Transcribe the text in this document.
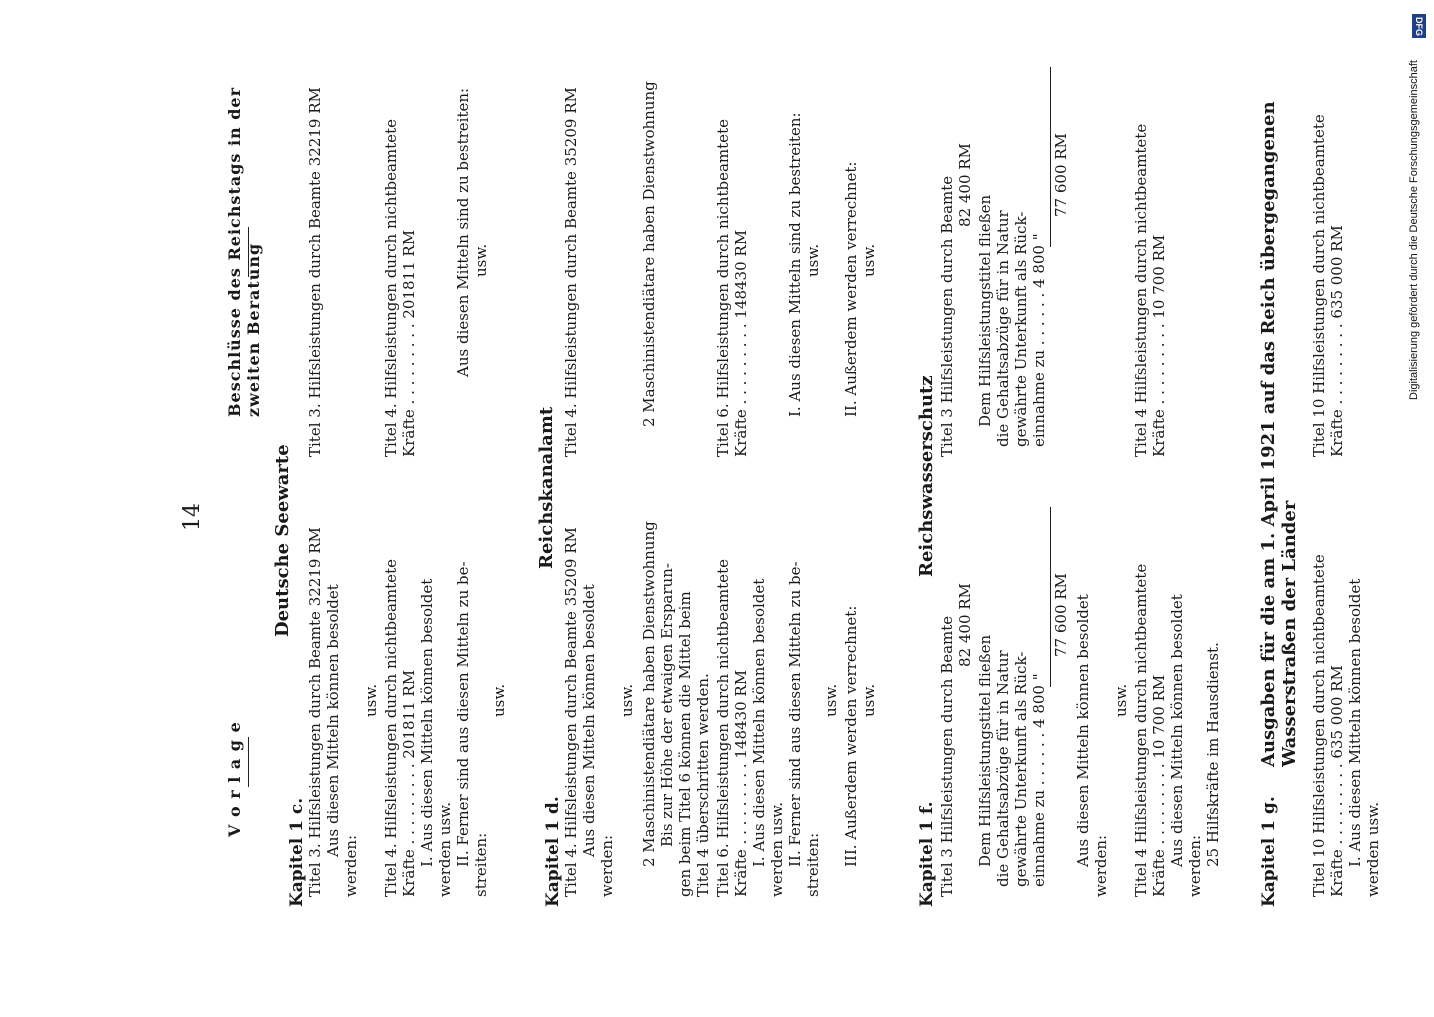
14
V o r l a g e
Beschlüsse des Reichstags in der zweiten Beratung
Deutsche Seewarte	Reichskanalamt	Reichswasserschutz	Ausgaben für die am 1. April 1921 auf das Reich übergegangenen Wasserstraßen der Länder
Kapitel 1 c. Titel 3. Hilfsleistungen durch Beamte 32219 RM Aus diesen Mitteln können besoldet
werden:
usw. Titel 4. Hilfsleistungen durch nichtbeamtete Kräfte . . . . . . . . . 201811 RM I. Aus diesen Mitteln können besoldet werden usw. II. Ferner sind aus diesen Mitteln zu be- streiten:
usw.
Kapitel 1 d. Titel 4. Hilfsleistungen durch Beamte 35209 RM Aus diesen Mitteln können besoldet
werden:
usw. 2 Maschinistendiätare haben Dienstwohnung Bis zur Höhe der etwaigen Ersparun- gen beim Titel 6 können die Mittel beim Titel 4 überschritten werden. Titel 6. Hilfsleistungen durch nichtbeamtete Kräfte . . . . . . . . . 148430 RM I. Aus diesen Mitteln können besoldet werden usw. II. Ferner sind aus diesen Mitteln zu be- streiten:
usw. III. Außerdem werden verrechnet: usw.
Kapitel 1 f. Titel 3 Hilfsleistungen durch Beamte 82 400 RM
Dem Hilfsleistungstitel fließen die Gehaltsabzüge für in Natur gewährte Unterkunft als Rück- einnahme zu . . . . . . 4 800 "
77 600 RM Aus diesen Mitteln können besoldet werden:
usw. Titel 4 Hilfsleistungen durch nichtbeamtete Kräfte . . . . . . . . . 10 700 RM Aus diesen Mitteln können besoldet werden: 25 Hilfskräfte im Hausdienst. Kapitel 1 g. Titel 10 Hilfsleistungen durch nichtbeamtete Kräfte . . . . . . . . . 635 000 RM I. Aus diesen Mitteln können besoldet werden usw.
Titel 3. Hilfsleistungen durch Beamte 32219 RM	Titel 4. Hilfsleistungen durch nichtbeamtete Kräfte . . . . . . . . . 201811 RM Aus diesen Mitteln sind zu bestreiten: usw.	Titel 4. Hilfsleistungen durch Beamte 35209 RM	2 Maschinistendiätare haben Dienstwohnung	Titel 6. Hilfsleistungen durch nichtbeamtete Kräfte . . . . . . . . . 148430 RM I. Aus diesen Mitteln sind zu bestreiten: usw. II. Außerdem werden verrechnet: usw.	Titel 3 Hilfsleistungen durch Beamte 82 400 RM
Dem Hilfsleistungstitel fließen die Gehaltsabzüge für in Natur gewährte Unterkunft als Rück- einnahme zu . . . . . . 4 800 "
77 600 RM	Titel 4 Hilfsleistungen durch nichtbeamtete Kräfte . . . . . . . . . 10 700 RM	Titel 10 Hilfsleistungen durch nichtbeamtete Kräfte . . . . . . . . . 635 000 RM
DFG
Digitalisierung gefördert durch die Deutsche Forschungsgemeinschaft
